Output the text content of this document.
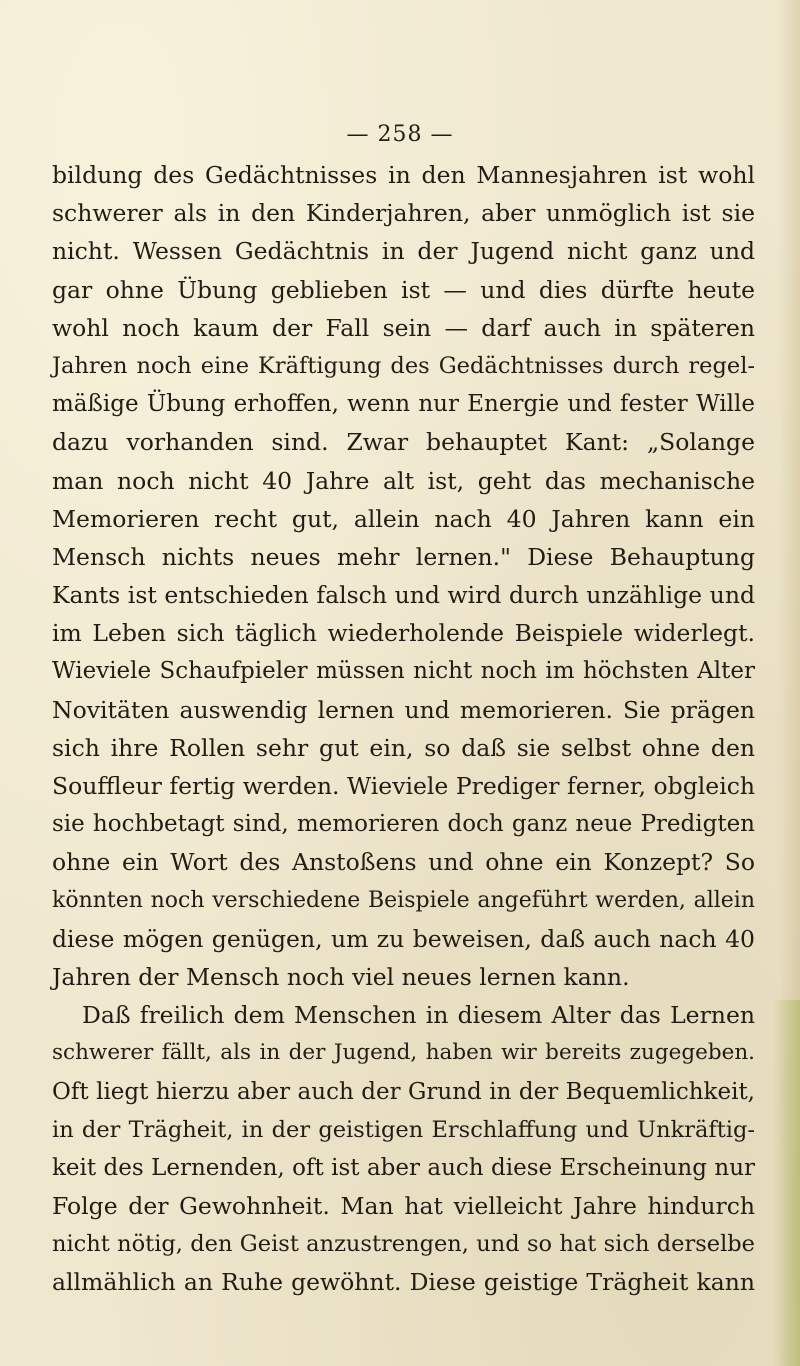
— 258 —
bildung des Gedächtnisses in den Mannesjahren ist wohl
schwerer als in den Kinderjahren, aber unmöglich ist sie
nicht. Wessen Gedächtnis in der Jugend nicht ganz und
gar ohne Übung geblieben ist — und dies dürfte heute
wohl noch kaum der Fall sein — darf auch in späteren
Jahren noch eine Kräftigung des Gedächtnisses durch regel-
mäßige Übung erhoffen, wenn nur Energie und fester Wille
dazu vorhanden sind. Zwar behauptet Kant: „Solange
man noch nicht 40 Jahre alt ist, geht das mechanische
Memorieren recht gut, allein nach 40 Jahren kann ein
Mensch nichts neues mehr lernen." Diese Behauptung
Kants ist entschieden falsch und wird durch unzählige und
im Leben sich täglich wiederholende Beispiele widerlegt.
Wieviele Schaufpieler müssen nicht noch im höchsten Alter
Novitäten auswendig lernen und memorieren. Sie prägen
sich ihre Rollen sehr gut ein, so daß sie selbst ohne den
Souffleur fertig werden. Wieviele Prediger ferner, obgleich
sie hochbetagt sind, memorieren doch ganz neue Predigten
ohne ein Wort des Anstoßens und ohne ein Konzept? So
könnten noch verschiedene Beispiele angeführt werden, allein
diese mögen genügen, um zu beweisen, daß auch nach 40
Jahren der Mensch noch viel neues lernen kann.
Daß freilich dem Menschen in diesem Alter das Lernen
schwerer fällt, als in der Jugend, haben wir bereits zugegeben.
Oft liegt hierzu aber auch der Grund in der Bequemlichkeit,
in der Trägheit, in der geistigen Erschlaffung und Unkräftig-
keit des Lernenden, oft ist aber auch diese Erscheinung nur
Folge der Gewohnheit. Man hat vielleicht Jahre hindurch
nicht nötig, den Geist anzustrengen, und so hat sich derselbe
allmählich an Ruhe gewöhnt. Diese geistige Trägheit kann
